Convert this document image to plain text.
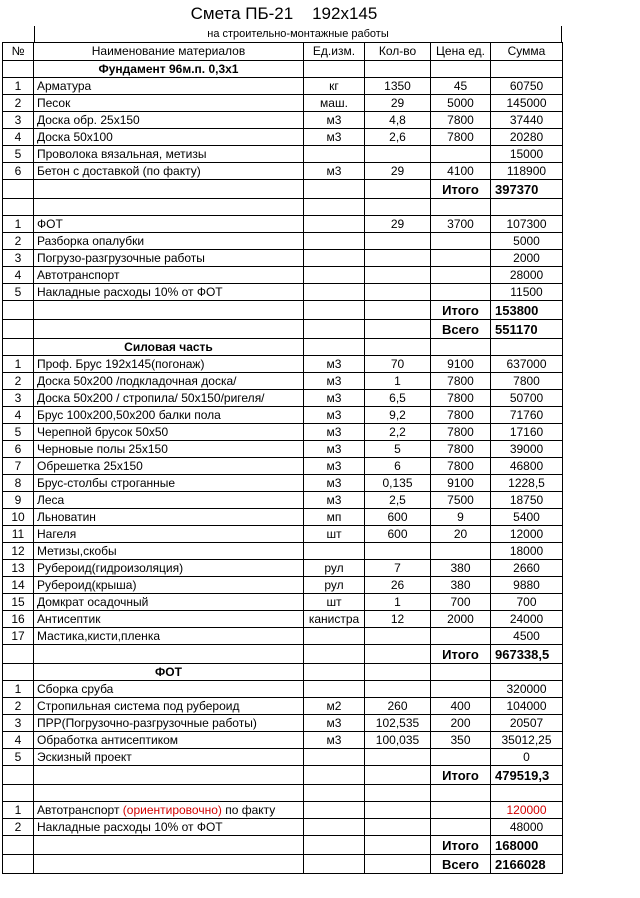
Смета ПБ-21    192х145
на строительно-монтажные работы
№	Наименование материалов	Ед.изм.	Кол-во	Цена ед.	Сумма
	Фундамент 96м.п. 0,3х1				
1	Арматура	кг	1350	45	60750
2	Песок	маш.	29	5000	145000
3	Доска обр. 25х150	м3	4,8	7800	37440
4	Доска 50х100	м3	2,6	7800	20280
5	Проволока вязальная, метизы				15000
6	Бетон с доставкой (по факту)	м3	29	4100	118900
				Итого	397370

1	ФОТ		29	3700	107300
2	Разборка опалубки				5000
3	Погрузо-разгрузочные работы				2000
4	Автотранспорт				28000
5	Накладные расходы 10% от ФОТ				11500
				Итого	153800
				Всего	551170
	Силовая часть				
1	Проф. Брус 192х145(погонаж)	м3	70	9100	637000
2	Доска 50х200 /подкладочная доска/	м3	1	7800	7800
3	Доска 50х200 / стропила/ 50х150/ригеля/	м3	6,5	7800	50700
4	Брус 100х200,50х200 балки пола	м3	9,2	7800	71760
5	Черепной брусок 50х50	м3	2,2	7800	17160
6	Черновые полы 25х150	м3	5	7800	39000
7	Обрешетка 25х150	м3	6	7800	46800
8	Брус-столбы строганные	м3	0,135	9100	1228,5
9	Леса	м3	2,5	7500	18750
10	Льноватин	мп	600	9	5400
11	Нагеля	шт	600	20	12000
12	Метизы,скобы				18000
13	Рубероид(гидроизоляция)	рул	7	380	2660
14	Рубероид(крыша)	рул	26	380	9880
15	Домкрат осадочный	шт	1	700	700
16	Антисептик	канистра	12	2000	24000
17	Мастика,кисти,пленка				4500
				Итого	967338,5
	ФОТ				
1	Сборка сруба				320000
2	Стропильная система под рубероид	м2	260	400	104000
3	ПРР(Погрузочно-разгрузочные работы)	м3	102,535	200	20507
4	Обработка антисептиком	м3	100,035	350	35012,25
5	Эскизный проект				0
				Итого	479519,3

1	Автотранспорт (ориентировочно) по факту				120000
2	Накладные расходы 10% от ФОТ				48000
				Итого	168000
				Всего	2166028
